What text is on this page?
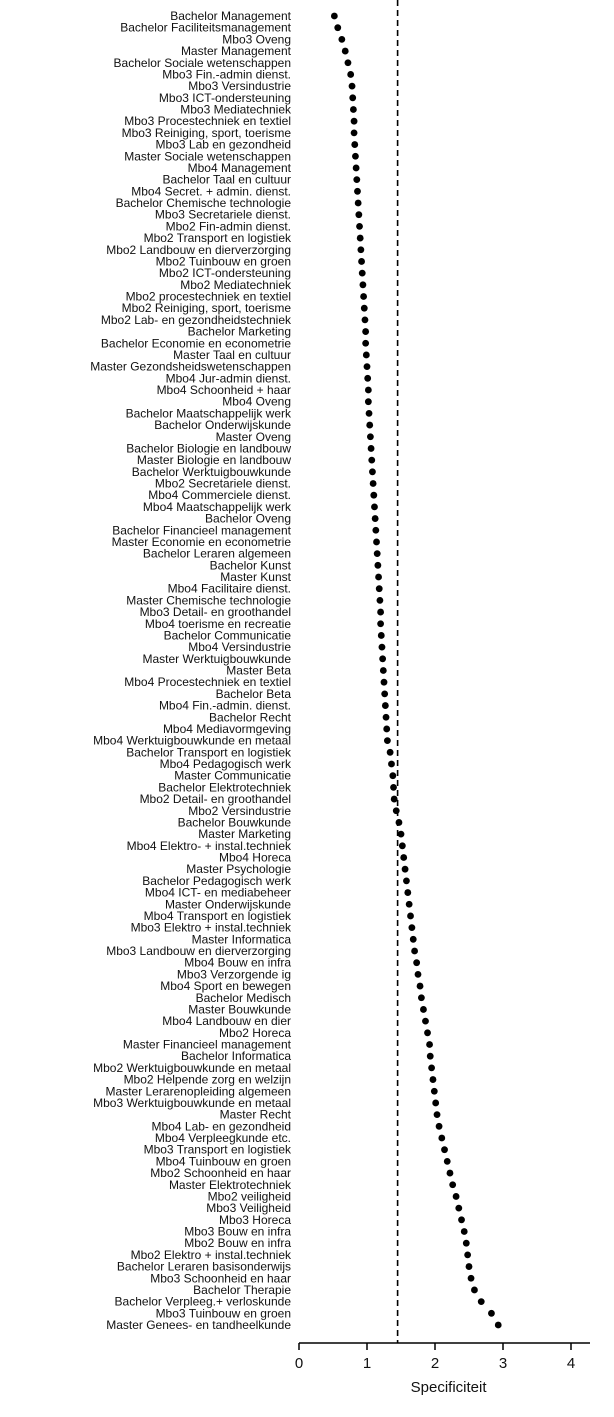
Bachelor Management
Bachelor Faciliteitsmanagement
Mbo3 Oveng
Master Management
Bachelor Sociale wetenschappen
Mbo3 Fin.-admin dienst.
Mbo3 Versindustrie
Mbo3 ICT-ondersteuning
Mbo3 Mediatechniek
Mbo3 Procestechniek en textiel
Mbo3 Reiniging, sport, toerisme
Mbo3 Lab en gezondheid
Master Sociale wetenschappen
Mbo4 Management
Bachelor Taal en cultuur
Mbo4 Secret. + admin. dienst.
Bachelor Chemische technologie
Mbo3 Secretariele dienst.
Mbo2 Fin-admin dienst.
Mbo2 Transport en logistiek
Mbo2 Landbouw en dierverzorging
Mbo2 Tuinbouw en groen
Mbo2 ICT-ondersteuning
Mbo2 Mediatechniek
Mbo2 procestechniek en textiel
Mbo2 Reiniging, sport, toerisme
Mbo2 Lab- en gezondheidstechniek
Bachelor Marketing
Bachelor Economie en econometrie
Master Taal en cultuur
Master Gezondsheidswetenschappen
Mbo4 Jur-admin dienst.
Mbo4 Schoonheid + haar
Mbo4 Oveng
Bachelor Maatschappelijk werk
Bachelor Onderwijskunde
Master Oveng
Bachelor Biologie en landbouw
Master Biologie en landbouw
Bachelor Werktuigbouwkunde
Mbo2 Secretariele dienst.
Mbo4 Commerciele dienst.
Mbo4 Maatschappelijk werk
Bachelor Oveng
Bachelor Financieel management
Master Economie en econometrie
Bachelor Leraren algemeen
Bachelor Kunst
Master Kunst
Mbo4 Facilitaire dienst.
Master Chemische technologie
Mbo3 Detail- en groothandel
Mbo4 toerisme en recreatie
Bachelor Communicatie
Mbo4 Versindustrie
Master Werktuigbouwkunde
Master Beta
Mbo4 Procestechniek en textiel
Bachelor Beta
Mbo4 Fin.-admin. dienst.
Bachelor Recht
Mbo4 Mediavormgeving
Mbo4 Werktuigbouwkunde en metaal
Bachelor Transport en logistiek
Mbo4 Pedagogisch werk
Master Communicatie
Bachelor Elektrotechniek
Mbo2 Detail- en groothandel
Mbo2 Versindustrie
Bachelor Bouwkunde
Master Marketing
Mbo4 Elektro- + instal.techniek
Mbo4 Horeca
Master Psychologie
Bachelor Pedagogisch werk
Mbo4 ICT- en mediabeheer
Master Onderwijskunde
Mbo4 Transport en logistiek
Mbo3 Elektro + instal.techniek
Master Informatica
Mbo3 Landbouw en dierverzorging
Mbo4 Bouw en infra
Mbo3 Verzorgende ig
Mbo4 Sport en bewegen
Bachelor Medisch
Master Bouwkunde
Mbo4 Landbouw en dier
Mbo2 Horeca
Master Financieel management
Bachelor Informatica
Mbo2 Werktuigbouwkunde en metaal
Mbo2 Helpende zorg en welzijn
Master Lerarenopleiding algemeen
Mbo3 Werktuigbouwkunde en metaal
Master Recht
Mbo4 Lab- en gezondheid
Mbo4 Verpleegkunde etc.
Mbo3 Transport en logistiek
Mbo4 Tuinbouw en groen
Mbo2 Schoonheid en haar
Master Elektrotechniek
Mbo2 veiligheid
Mbo3 Veiligheid
Mbo3 Horeca
Mbo3 Bouw en infra
Mbo2 Bouw en infra
Mbo2 Elektro + instal.techniek
Bachelor Leraren basisonderwijs
Mbo3 Schoonheid en haar
Bachelor Therapie
Bachelor Verpleeg.+ verloskunde
Mbo3 Tuinbouw en groen
Master Genees- en tandheelkunde
0	1	2	3	4
Specificiteit
